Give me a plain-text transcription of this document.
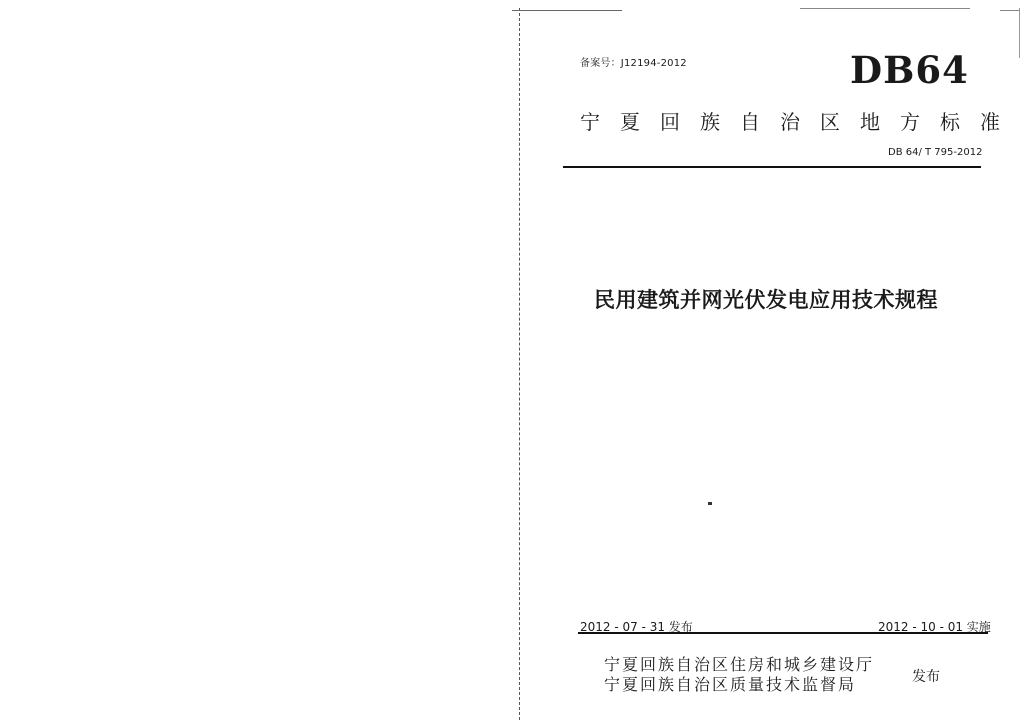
备案号：J12194-2012	DB64
宁夏回族自治区地方标准
DB 64/ T 795-2012
民用建筑并网光伏发电应用技术规程
2012 - 07 - 31 发布	2012 - 10 - 01 实施
宁夏回族自治区住房和城乡建设厅
宁夏回族自治区质量技术监督局	发布
